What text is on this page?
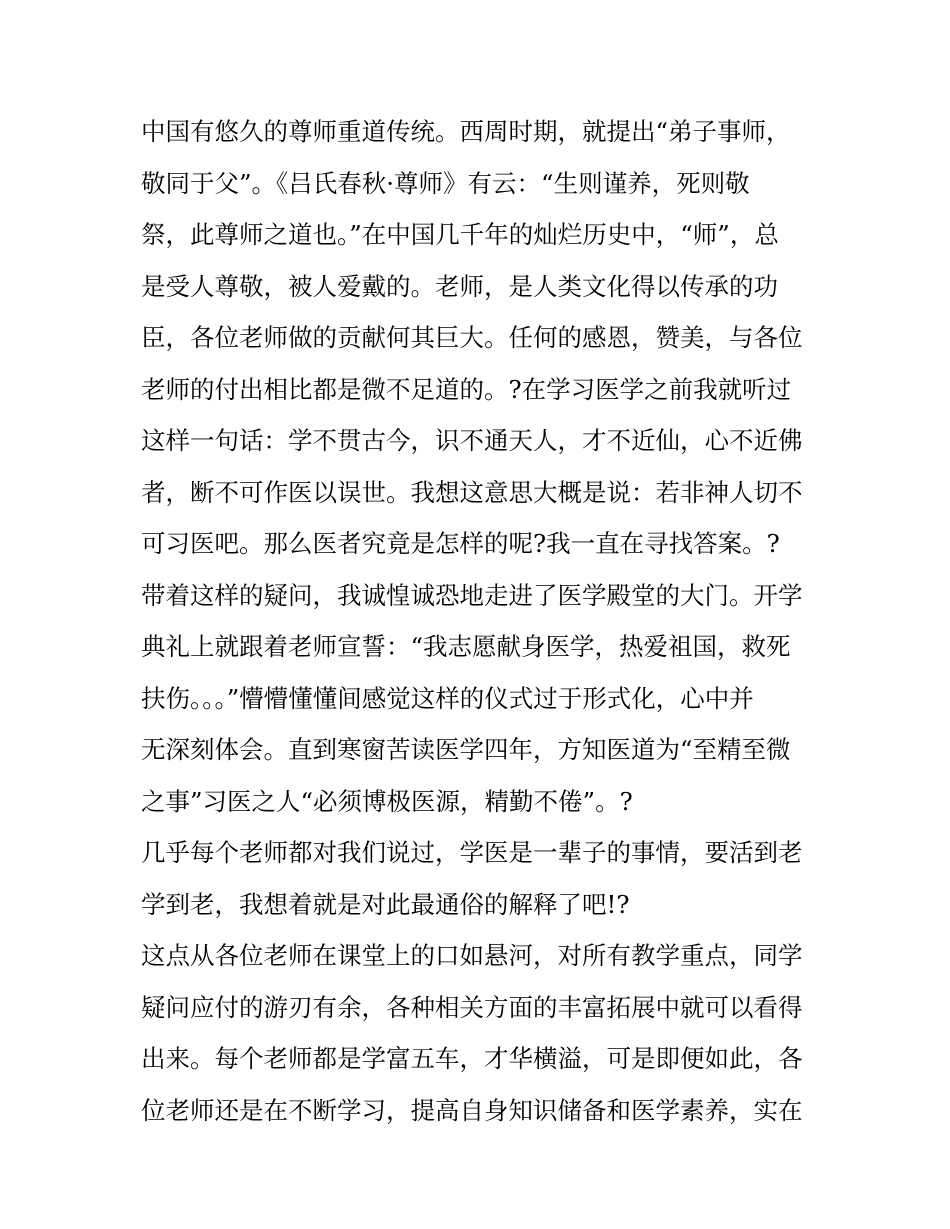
中国有悠久的尊师重道传统。西周时期，就提出“弟子事师，
敬同于父”。《吕氏春秋·尊师》有云：“生则谨养，死则敬
祭，此尊师之道也。”在中国几千年的灿烂历史中，“师”，总
是受人尊敬，被人爱戴的。老师，是人类文化得以传承的功
臣，各位老师做的贡献何其巨大。任何的感恩，赞美，与各位
老师的付出相比都是微不足道的。?在学习医学之前我就听过
这样一句话：学不贯古今，识不通天人，才不近仙，心不近佛
者，断不可作医以误世。我想这意思大概是说：若非神人切不
可习医吧。那么医者究竟是怎样的呢?我一直在寻找答案。?
带着这样的疑问，我诚惶诚恐地走进了医学殿堂的大门。开学
典礼上就跟着老师宣誓：“我志愿献身医学，热爱祖国，救死
扶伤。。。”懵懵懂懂间感觉这样的仪式过于形式化，心中并
无深刻体会。直到寒窗苦读医学四年，方知医道为“至精至微
之事”习医之人“必须博极医源，精勤不倦”。?
几乎每个老师都对我们说过，学医是一辈子的事情，要活到老
学到老，我想着就是对此最通俗的解释了吧!?
这点从各位老师在课堂上的口如悬河，对所有教学重点，同学
疑问应付的游刃有余，各种相关方面的丰富拓展中就可以看得
出来。每个老师都是学富五车，才华横溢，可是即便如此，各
位老师还是在不断学习，提高自身知识储备和医学素养，实在
